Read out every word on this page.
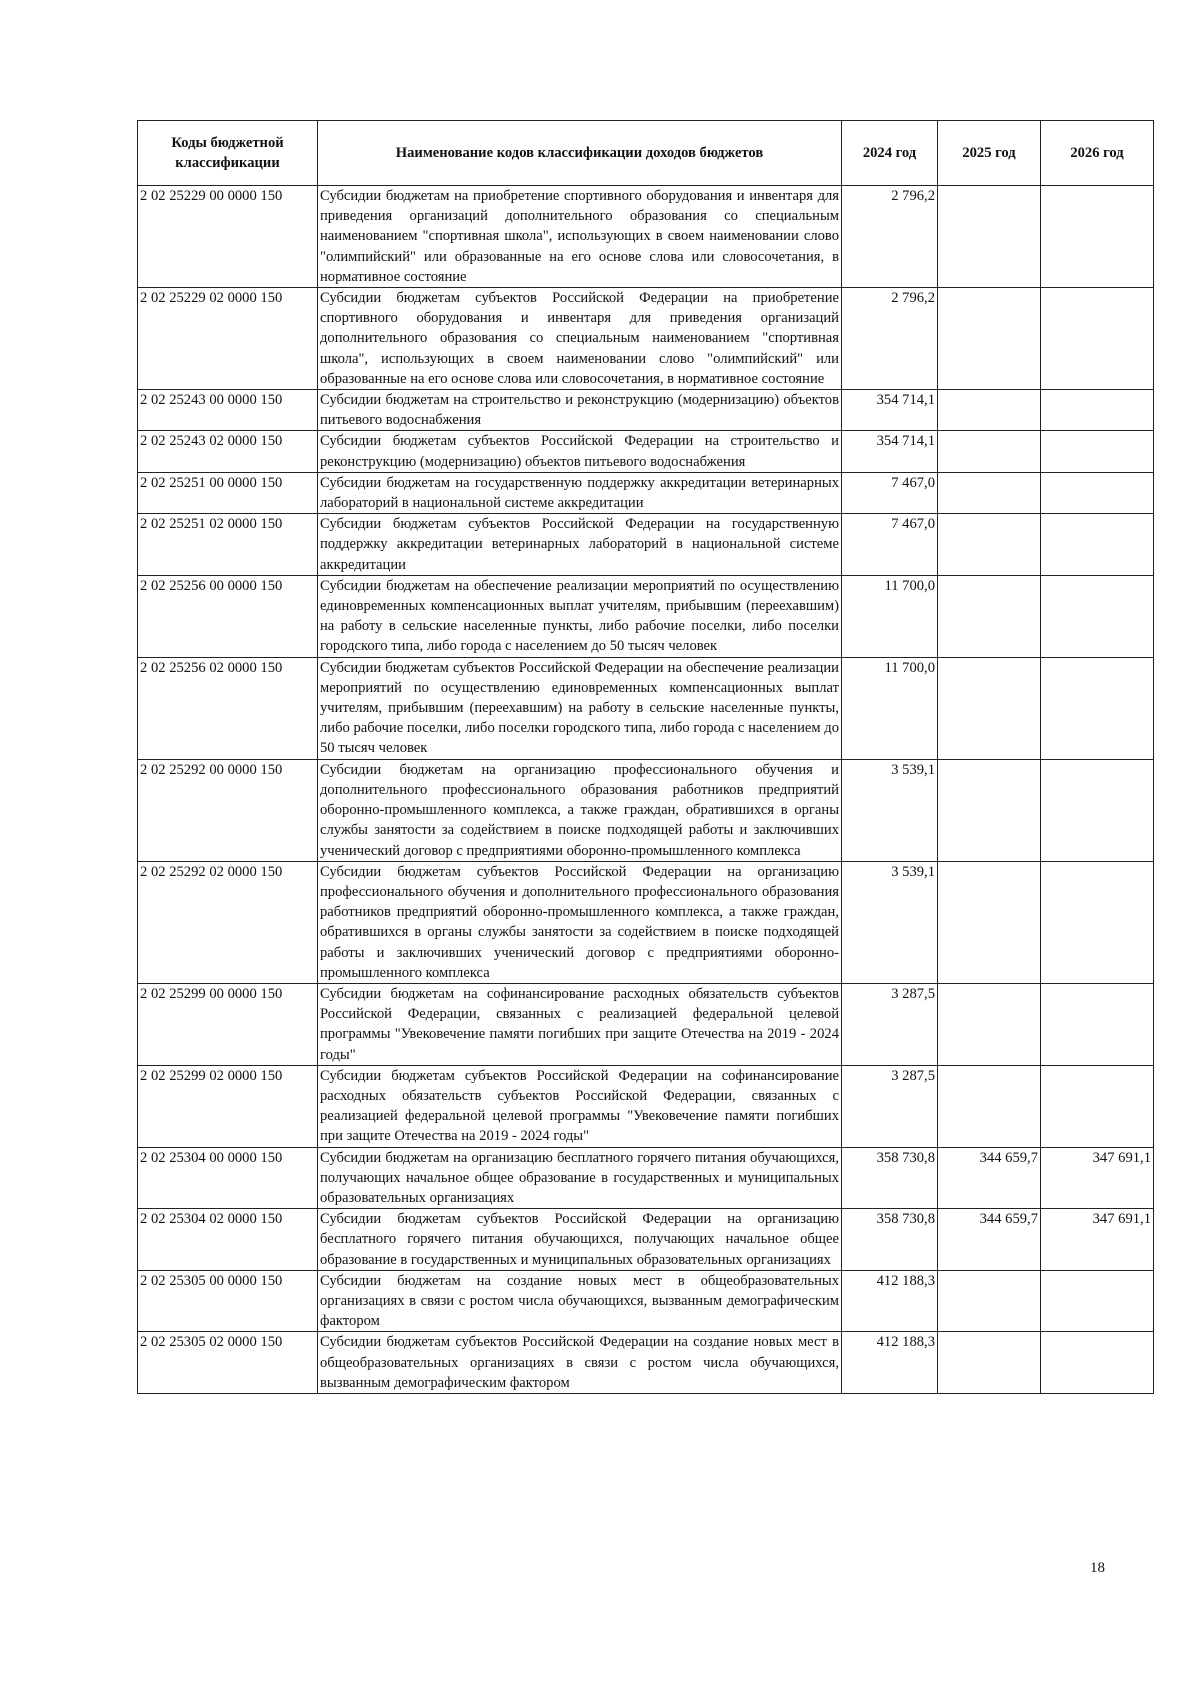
Коды бюджетной классификации	Наименование кодов классификации доходов бюджетов	2024 год	2025 год	2026 год
2 02 25229 00 0000 150	Субсидии бюджетам на приобретение спортивного оборудования и инвентаря для приведения организаций дополнительного образования со специальным наименованием "спортивная школа", использующих в своем наименовании слово "олимпийский" или образованные на его основе слова или словосочетания, в нормативное состояние	2 796,2		
2 02 25229 02 0000 150	Субсидии бюджетам субъектов Российской Федерации на приобретение спортивного оборудования и инвентаря для приведения организаций дополнительного образования со специальным наименованием "спортивная школа", использующих в своем наименовании слово "олимпийский" или образованные на его основе слова или словосочетания, в нормативное состояние	2 796,2		
2 02 25243 00 0000 150	Субсидии бюджетам на строительство и реконструкцию (модернизацию) объектов питьевого водоснабжения	354 714,1		
2 02 25243 02 0000 150	Субсидии бюджетам субъектов Российской Федерации на строительство и реконструкцию (модернизацию) объектов питьевого водоснабжения	354 714,1		
2 02 25251 00 0000 150	Субсидии бюджетам на государственную поддержку аккредитации ветеринарных лабораторий в национальной системе аккредитации	7 467,0		
2 02 25251 02 0000 150	Субсидии бюджетам субъектов Российской Федерации на государственную поддержку аккредитации ветеринарных лабораторий в национальной системе аккредитации	7 467,0		
2 02 25256 00 0000 150	Субсидии бюджетам на обеспечение реализации мероприятий по осуществлению единовременных компенсационных выплат учителям, прибывшим (переехавшим) на работу в сельские населенные пункты, либо рабочие поселки, либо поселки городского типа, либо города с населением до 50 тысяч человек	11 700,0		
2 02 25256 02 0000 150	Субсидии бюджетам субъектов Российской Федерации на обеспечение реализации мероприятий по осуществлению единовременных компенсационных выплат учителям, прибывшим (переехавшим) на работу в сельские населенные пункты, либо рабочие поселки, либо поселки городского типа, либо города с населением до 50 тысяч человек	11 700,0		
2 02 25292 00 0000 150	Субсидии бюджетам на организацию профессионального обучения и дополнительного профессионального образования работников предприятий оборонно-промышленного комплекса, а также граждан, обратившихся в органы службы занятости за содействием в поиске подходящей работы и заключивших ученический договор с предприятиями оборонно-промышленного комплекса	3 539,1		
2 02 25292 02 0000 150	Субсидии бюджетам субъектов Российской Федерации на организацию профессионального обучения и дополнительного профессионального образования работников предприятий оборонно-промышленного комплекса, а также граждан, обратившихся в органы службы занятости за содействием в поиске подходящей работы и заключивших ученический договор с предприятиями оборонно-промышленного комплекса	3 539,1		
2 02 25299 00 0000 150	Субсидии бюджетам на софинансирование расходных обязательств субъектов Российской Федерации, связанных с реализацией федеральной целевой программы "Увековечение памяти погибших при защите Отечества на 2019 - 2024 годы"	3 287,5		
2 02 25299 02 0000 150	Субсидии бюджетам субъектов Российской Федерации на софинансирование расходных обязательств субъектов Российской Федерации, связанных с реализацией федеральной целевой программы "Увековечение памяти погибших при защите Отечества на 2019 - 2024 годы"	3 287,5		
2 02 25304 00 0000 150	Субсидии бюджетам на организацию бесплатного горячего питания обучающихся, получающих начальное общее образование в государственных и муниципальных образовательных организациях	358 730,8	344 659,7	347 691,1
2 02 25304 02 0000 150	Субсидии бюджетам субъектов Российской Федерации на организацию бесплатного горячего питания обучающихся, получающих начальное общее образование в государственных и муниципальных образовательных организациях	358 730,8	344 659,7	347 691,1
2 02 25305 00 0000 150	Субсидии бюджетам на создание новых мест в общеобразовательных организациях в связи с ростом числа обучающихся, вызванным демографическим фактором	412 188,3		
2 02 25305 02 0000 150	Субсидии бюджетам субъектов Российской Федерации на создание новых мест в общеобразовательных организациях в связи с ростом числа обучающихся, вызванным демографическим фактором	412 188,3		
18
